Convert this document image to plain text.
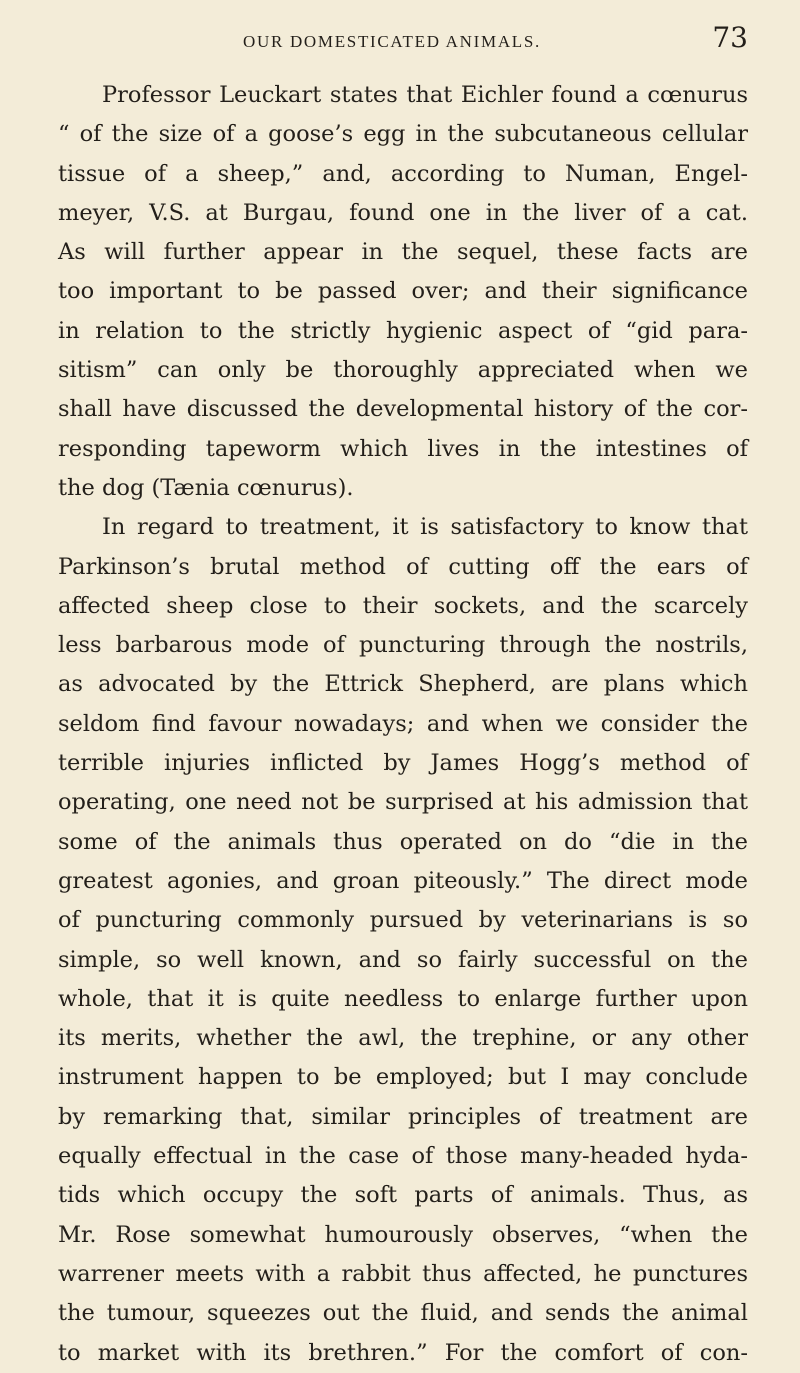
OUR DOMESTICATED ANIMALS.	73
Professor Leuckart states that Eichler found a cœnurus
“ of the size of a goose’s egg in the subcutaneous cellular
tissue of a sheep,” and, according to Numan, Engel-
meyer, V.S. at Burgau, found one in the liver of a cat.
As will further appear in the sequel, these facts are
too important to be passed over; and their significance
in relation to the strictly hygienic aspect of “gid para-
sitism” can only be thoroughly appreciated when we
shall have discussed the developmental history of the cor-
responding tapeworm which lives in the intestines of
the dog (Tænia cœnurus).
In regard to treatment, it is satisfactory to know that
Parkinson’s brutal method of cutting off the ears of
affected sheep close to their sockets, and the scarcely
less barbarous mode of puncturing through the nostrils,
as advocated by the Ettrick Shepherd, are plans which
seldom find favour nowadays; and when we consider the
terrible injuries inflicted by James Hogg’s method of
operating, one need not be surprised at his admission that
some of the animals thus operated on do “die in the
greatest agonies, and groan piteously.” The direct mode
of puncturing commonly pursued by veterinarians is so
simple, so well known, and so fairly successful on the
whole, that it is quite needless to enlarge further upon
its merits, whether the awl, the trephine, or any other
instrument happen to be employed; but I may conclude
by remarking that, similar principles of treatment are
equally effectual in the case of those many-headed hyda-
tids which occupy the soft parts of animals. Thus, as
Mr. Rose somewhat humourously observes, “when the
warrener meets with a rabbit thus affected, he punctures
the tumour, squeezes out the fluid, and sends the animal
to market with its brethren.” For the comfort of con-
